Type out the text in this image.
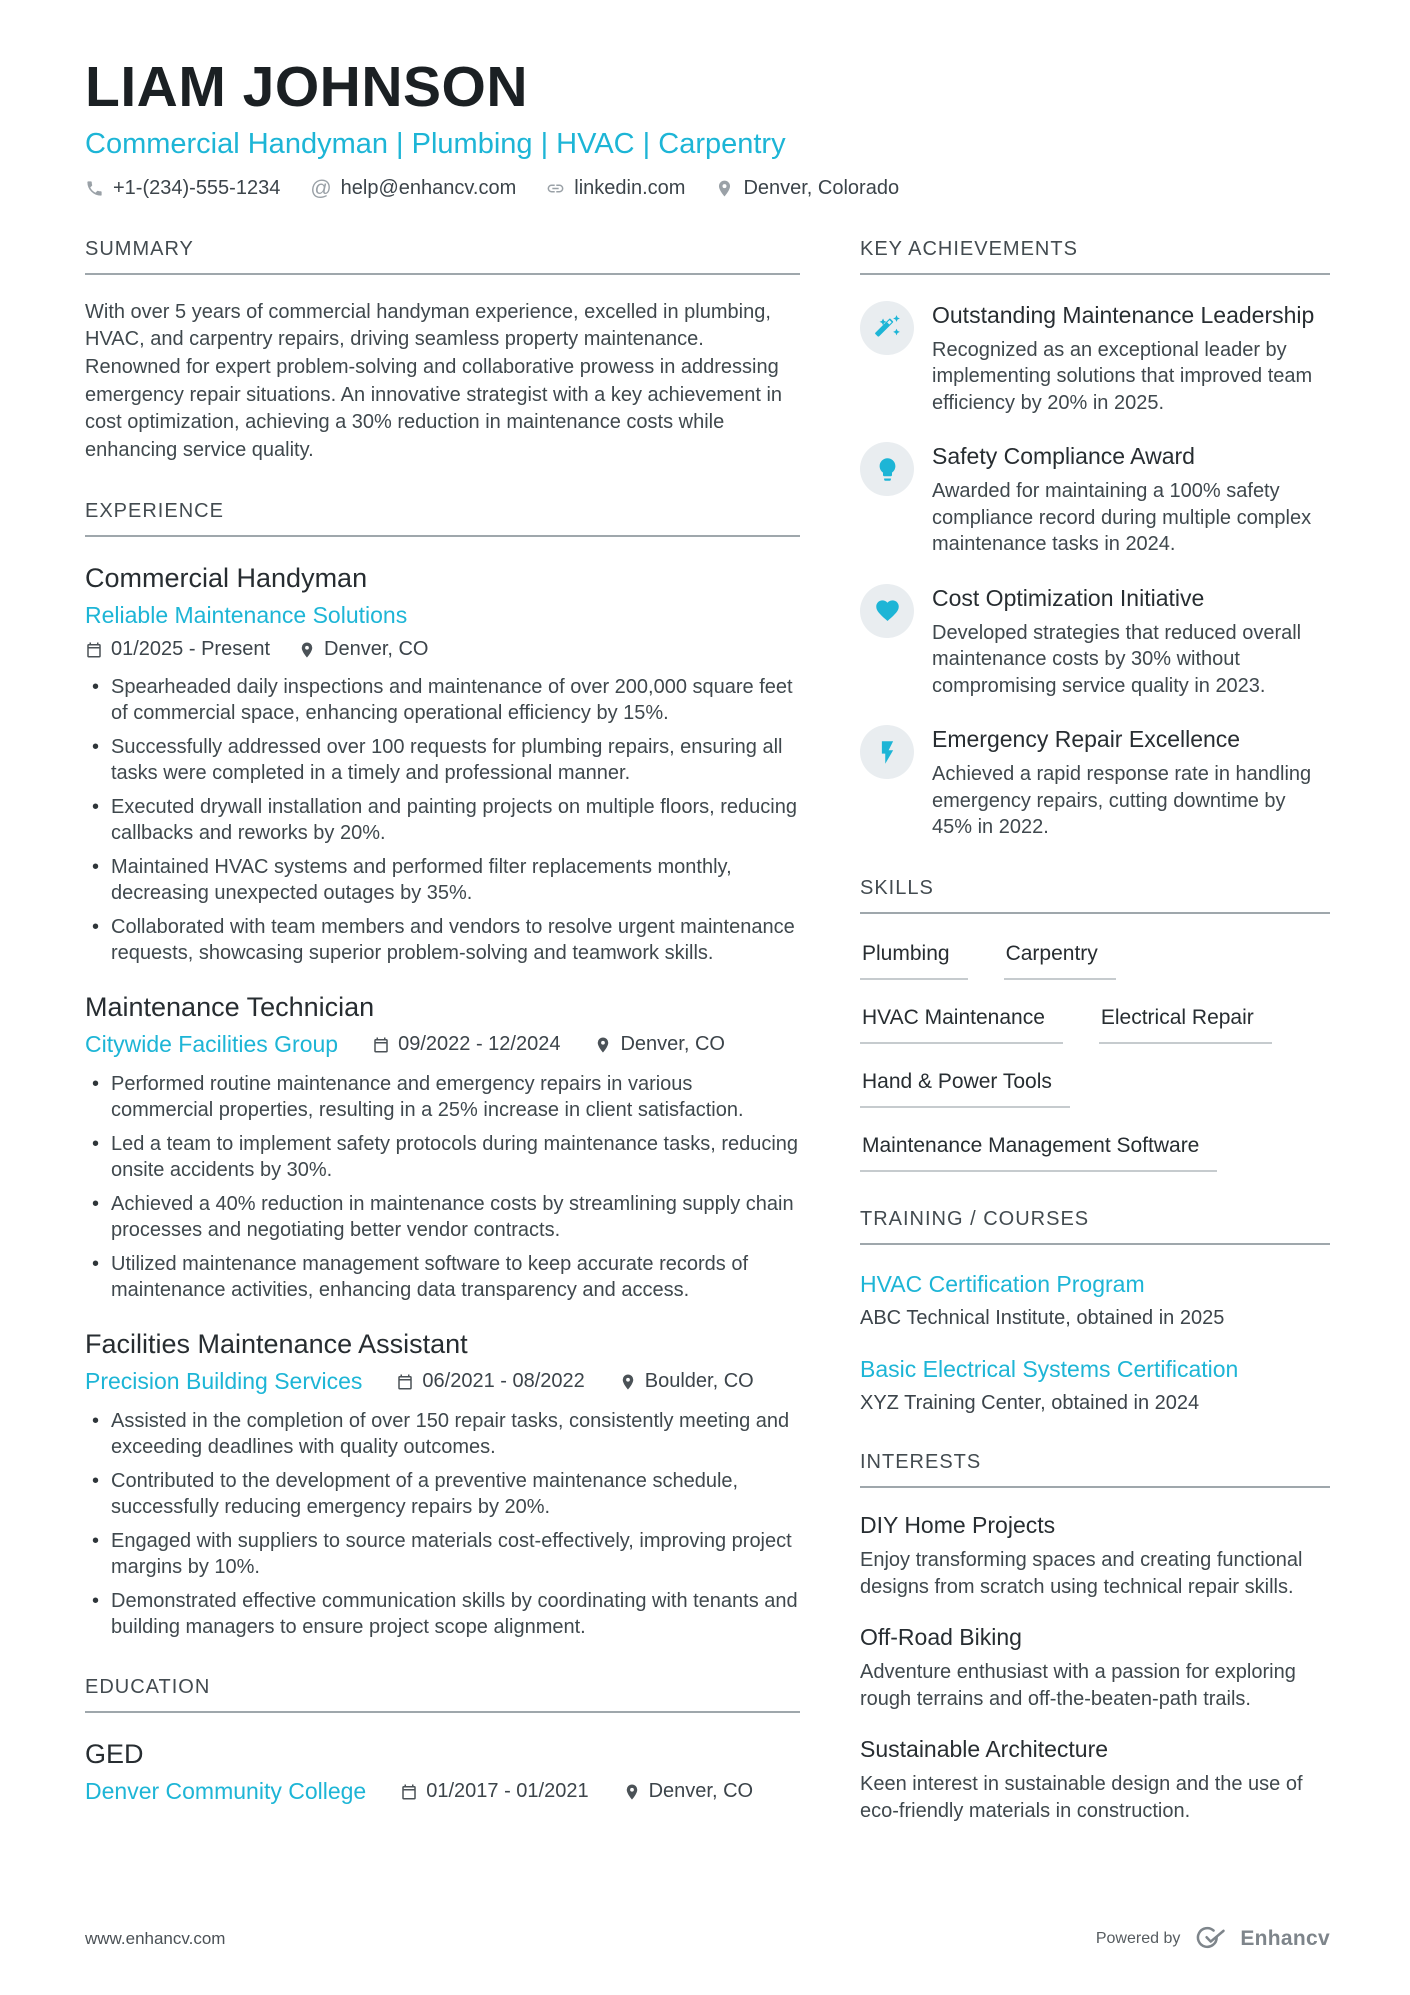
LIAM JOHNSON
Commercial Handyman | Plumbing | HVAC | Carpentry
+1-(234)-555-1234 @ help@enhancv.com	linkedin.com	Denver, Colorado
SUMMARY

With over 5 years of commercial handyman experience, excelled in plumbing, HVAC, and carpentry repairs, driving seamless property maintenance. Renowned for expert problem-solving and collaborative prowess in addressing emergency repair situations. An innovative strategist with a key achievement in cost optimization, achieving a 30% reduction in maintenance costs while enhancing service quality.

EXPERIENCE
Commercial Handyman
Reliable Maintenance Solutions
01/2025 - Present	Denver, CO
• Spearheaded daily inspections and maintenance of over 200,000 square feet of commercial space, enhancing operational efficiency by 15%.
• Successfully addressed over 100 requests for plumbing repairs, ensuring all tasks were completed in a timely and professional manner.
• Executed drywall installation and painting projects on multiple floors, reducing callbacks and reworks by 20%.
• Maintained HVAC systems and performed filter replacements monthly, decreasing unexpected outages by 35%.
• Collaborated with team members and vendors to resolve urgent maintenance requests, showcasing superior problem-solving and teamwork skills.
Maintenance Technician
Citywide Facilities Group	09/2022 - 12/2024	Denver, CO
• Performed routine maintenance and emergency repairs in various commercial properties, resulting in a 25% increase in client satisfaction.
• Led a team to implement safety protocols during maintenance tasks, reducing onsite accidents by 30%.
• Achieved a 40% reduction in maintenance costs by streamlining supply chain processes and negotiating better vendor contracts.
• Utilized maintenance management software to keep accurate records of maintenance activities, enhancing data transparency and access.
Facilities Maintenance Assistant
Precision Building Services	06/2021 - 08/2022	Boulder, CO
• Assisted in the completion of over 150 repair tasks, consistently meeting and exceeding deadlines with quality outcomes.
• Contributed to the development of a preventive maintenance schedule, successfully reducing emergency repairs by 20%.
• Engaged with suppliers to source materials cost-effectively, improving project margins by 10%.
• Demonstrated effective communication skills by coordinating with tenants and building managers to ensure project scope alignment.
EDUCATION
GED
Denver Community College	01/2017 - 01/2021	Denver, CO
KEY ACHIEVEMENTS
Outstanding Maintenance Leadership
Recognized as an exceptional leader by implementing solutions that improved team efficiency by 20% in 2025.
Safety Compliance Award
Awarded for maintaining a 100% safety compliance record during multiple complex maintenance tasks in 2024.
Cost Optimization Initiative
Developed strategies that reduced overall maintenance costs by 30% without compromising service quality in 2023.
Emergency Repair Excellence
Achieved a rapid response rate in handling emergency repairs, cutting downtime by 45% in 2022.
SKILLS
Plumbing	Carpentry
HVAC Maintenance	Electrical Repair
Hand & Power Tools
Maintenance Management Software
TRAINING / COURSES
HVAC Certification Program
ABC Technical Institute, obtained in 2025
Basic Electrical Systems Certification
XYZ Training Center, obtained in 2024
INTERESTS
DIY Home Projects
Enjoy transforming spaces and creating functional designs from scratch using technical repair skills.
Off-Road Biking
Adventure enthusiast with a passion for exploring rough terrains and off-the-beaten-path trails.
Sustainable Architecture
Keen interest in sustainable design and the use of eco-friendly materials in construction.
www.enhancv.com	Powered by	Enhancv
